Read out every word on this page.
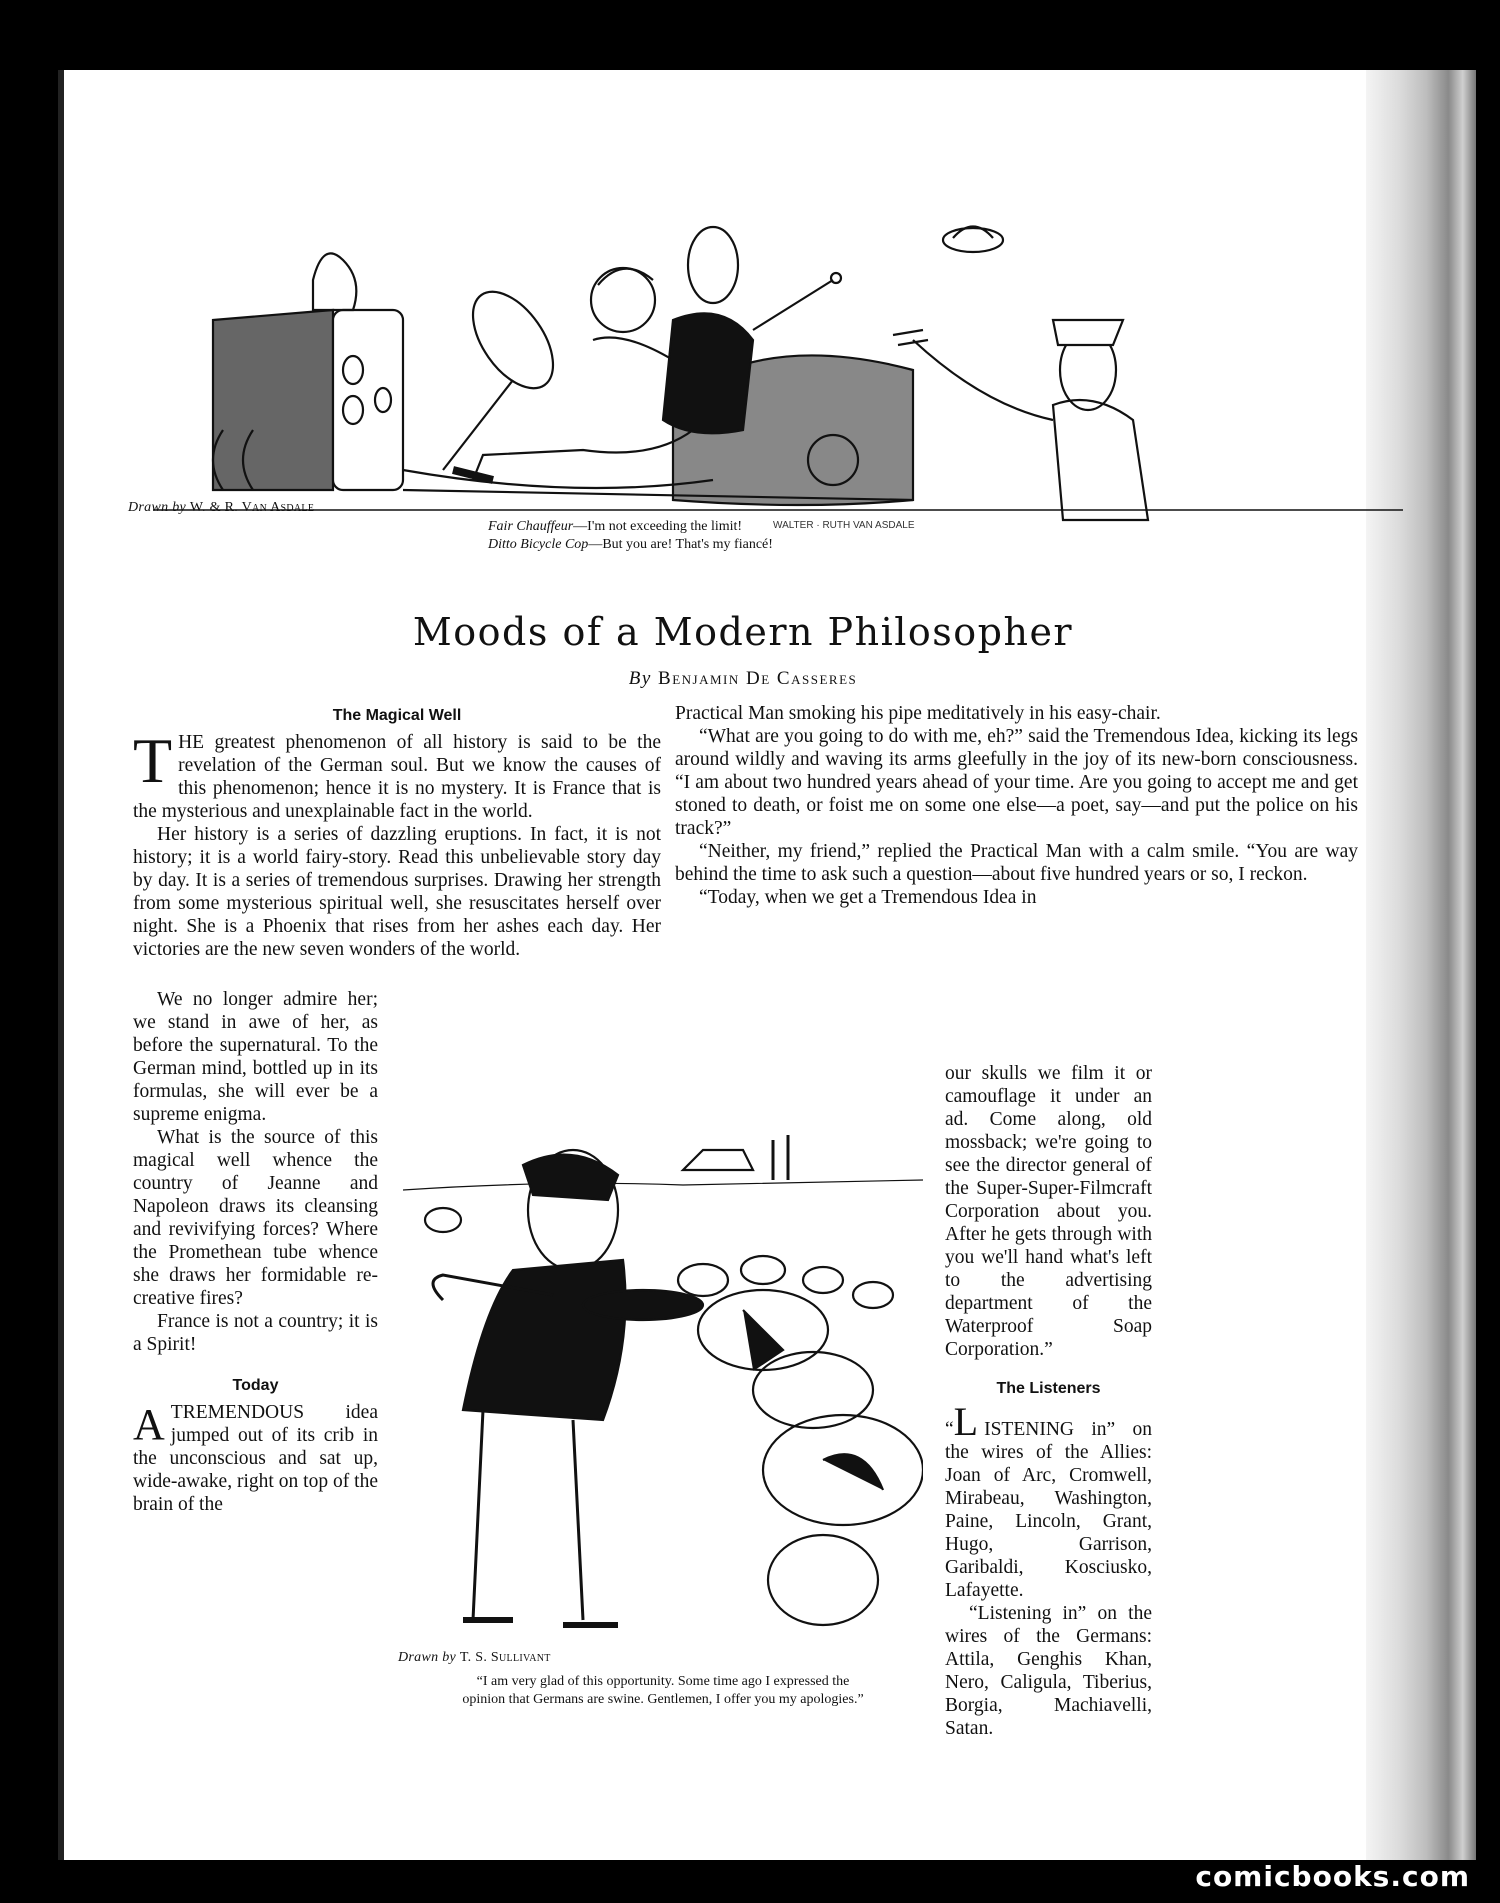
WALTER · RUTH VAN ASDALE
Drawn by W. & R. Van Asdale
Fair Chauffeur—I'm not exceeding the limit!
Ditto Bicycle Cop—But you are! That's my fiancé!
Moods of a Modern Philosopher
By Benjamin De Casseres
The Magical Well

THE greatest phenomenon of all history is said to be the revelation of the German soul. But we know the causes of this phenomenon; hence it is no mystery. It is France that is the mysterious and unexplainable fact in the world.

Her history is a series of dazzling eruptions. In fact, it is not history; it is a world fairy-story. Read this unbelievable story day by day. It is a series of tremendous surprises. Drawing her strength from some mysterious spiritual well, she resuscitates herself over night. She is a Phoenix that rises from her ashes each day. Her victories are the new seven wonders of the world.

We no longer admire her; we stand in awe of her, as before the supernatural. To the German mind, bottled up in its formulas, she will ever be a supreme enigma.

What is the source of this magical well whence the country of Jeanne and Napoleon draws its cleansing and revivifying forces? Where the Promethean tube whence she draws her formidable re-creative fires?

France is not a country; it is a Spirit!

Today

ATREMENDOUS idea jumped out of its crib in the unconscious and sat up, wide-awake, right on top of the brain of the

Practical Man smoking his pipe meditatively in his easy-chair.

“What are you going to do with me, eh?” said the Tremendous Idea, kicking its legs around wildly and waving its arms gleefully in the joy of its new-born consciousness. “I am about two hundred years ahead of your time. Are you going to accept me and get stoned to death, or foist me on some one else—a poet, say—and put the police on his track?”

“Neither, my friend,” replied the Practical Man with a calm smile. “You are way behind the time to ask such a question—about five hundred years or so, I reckon.

“Today, when we get a Tremendous Idea in

our skulls we film it or camouflage it under an ad. Come along, old mossback; we're going to see the director general of the Super-Super-Filmcraft Corporation about you. After he gets through with you we'll hand what's left to the advertising department of the Waterproof Soap Corporation.”

The Listeners

“L ISTENING in” on the wires of the Allies: Joan of Arc, Cromwell, Mirabeau, Washington, Paine, Lincoln, Grant, Hugo, Garrison, Garibaldi, Kosciusko, Lafayette.

“Listening in” on the wires of the Germans: Attila, Genghis Khan, Nero, Caligula, Tiberius, Borgia, Machiavelli, Satan.

Drawn by T. S. Sullivant
“I am very glad of this opportunity. Some time ago I expressed the
opinion that Germans are swine. Gentlemen, I offer you my apologies.”
comicbooks.com
